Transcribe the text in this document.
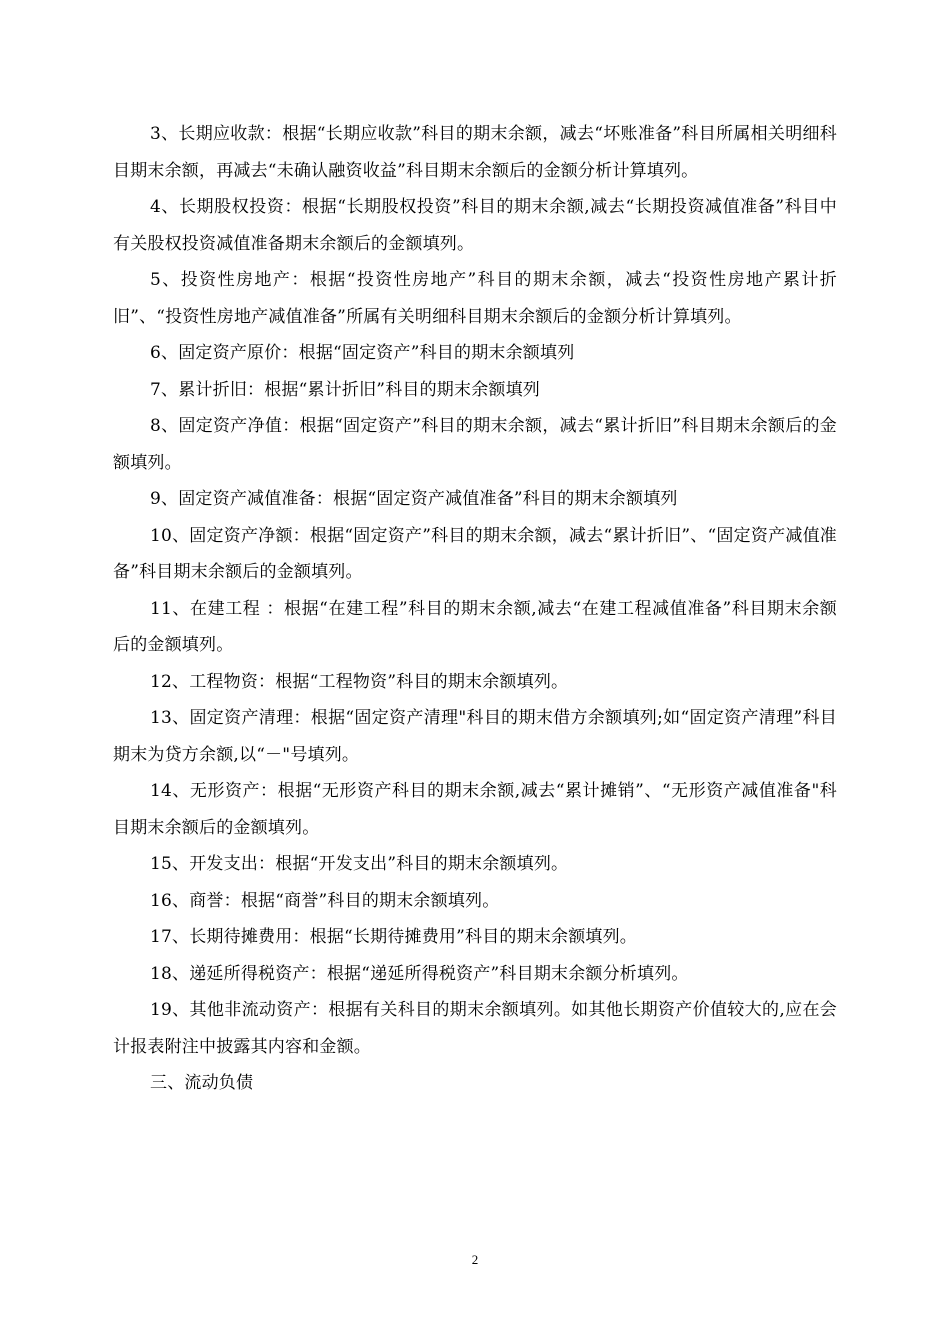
3、长期应收款：根据“长期应收款”科目的期末余额，减去“坏账准备”科目所属相关明细科目期末余额，再减去“未确认融资收益”科目期末余额后的金额分析计算填列。

4、长期股权投资：根据“长期股权投资”科目的期末余额,减去“长期投资减值准备”科目中有关股权投资减值准备期末余额后的金额填列。

5、投资性房地产：根据“投资性房地产”科目的期末余额，减去“投资性房地产累计折旧”、“投资性房地产减值准备”所属有关明细科目期末余额后的金额分析计算填列。

6、固定资产原价：根据“固定资产”科目的期末余额填列

7、累计折旧：根据“累计折旧”科目的期末余额填列

8、固定资产净值：根据“固定资产”科目的期末余额，减去“累计折旧”科目期末余额后的金额填列。

9、固定资产减值准备：根据“固定资产减值准备”科目的期末余额填列

10、固定资产净额：根据“固定资产”科目的期末余额，减去“累计折旧”、“固定资产减值准备”科目期末余额后的金额填列。

11、在建工程 ：根据“在建工程”科目的期末余额,减去“在建工程减值准备”科目期末余额后的金额填列。

12、工程物资：根据“工程物资”科目的期末余额填列。

13、固定资产清理：根据“固定资产清理"科目的期末借方余额填列;如“固定资产清理”科目期末为贷方余额,以“－"号填列。

14、无形资产：根据“无形资产科目的期末余额,减去“累计摊销”、“无形资产减值准备"科目期末余额后的金额填列。

15、开发支出：根据“开发支出”科目的期末余额填列。

16、商誉：根据“商誉”科目的期末余额填列。

17、长期待摊费用：根据“长期待摊费用”科目的期末余额填列。

18、递延所得税资产：根据“递延所得税资产”科目期末余额分析填列。

19、其他非流动资产：根据有关科目的期末余额填列。如其他长期资产价值较大的,应在会计报表附注中披露其内容和金额。

三、流动负债

2
